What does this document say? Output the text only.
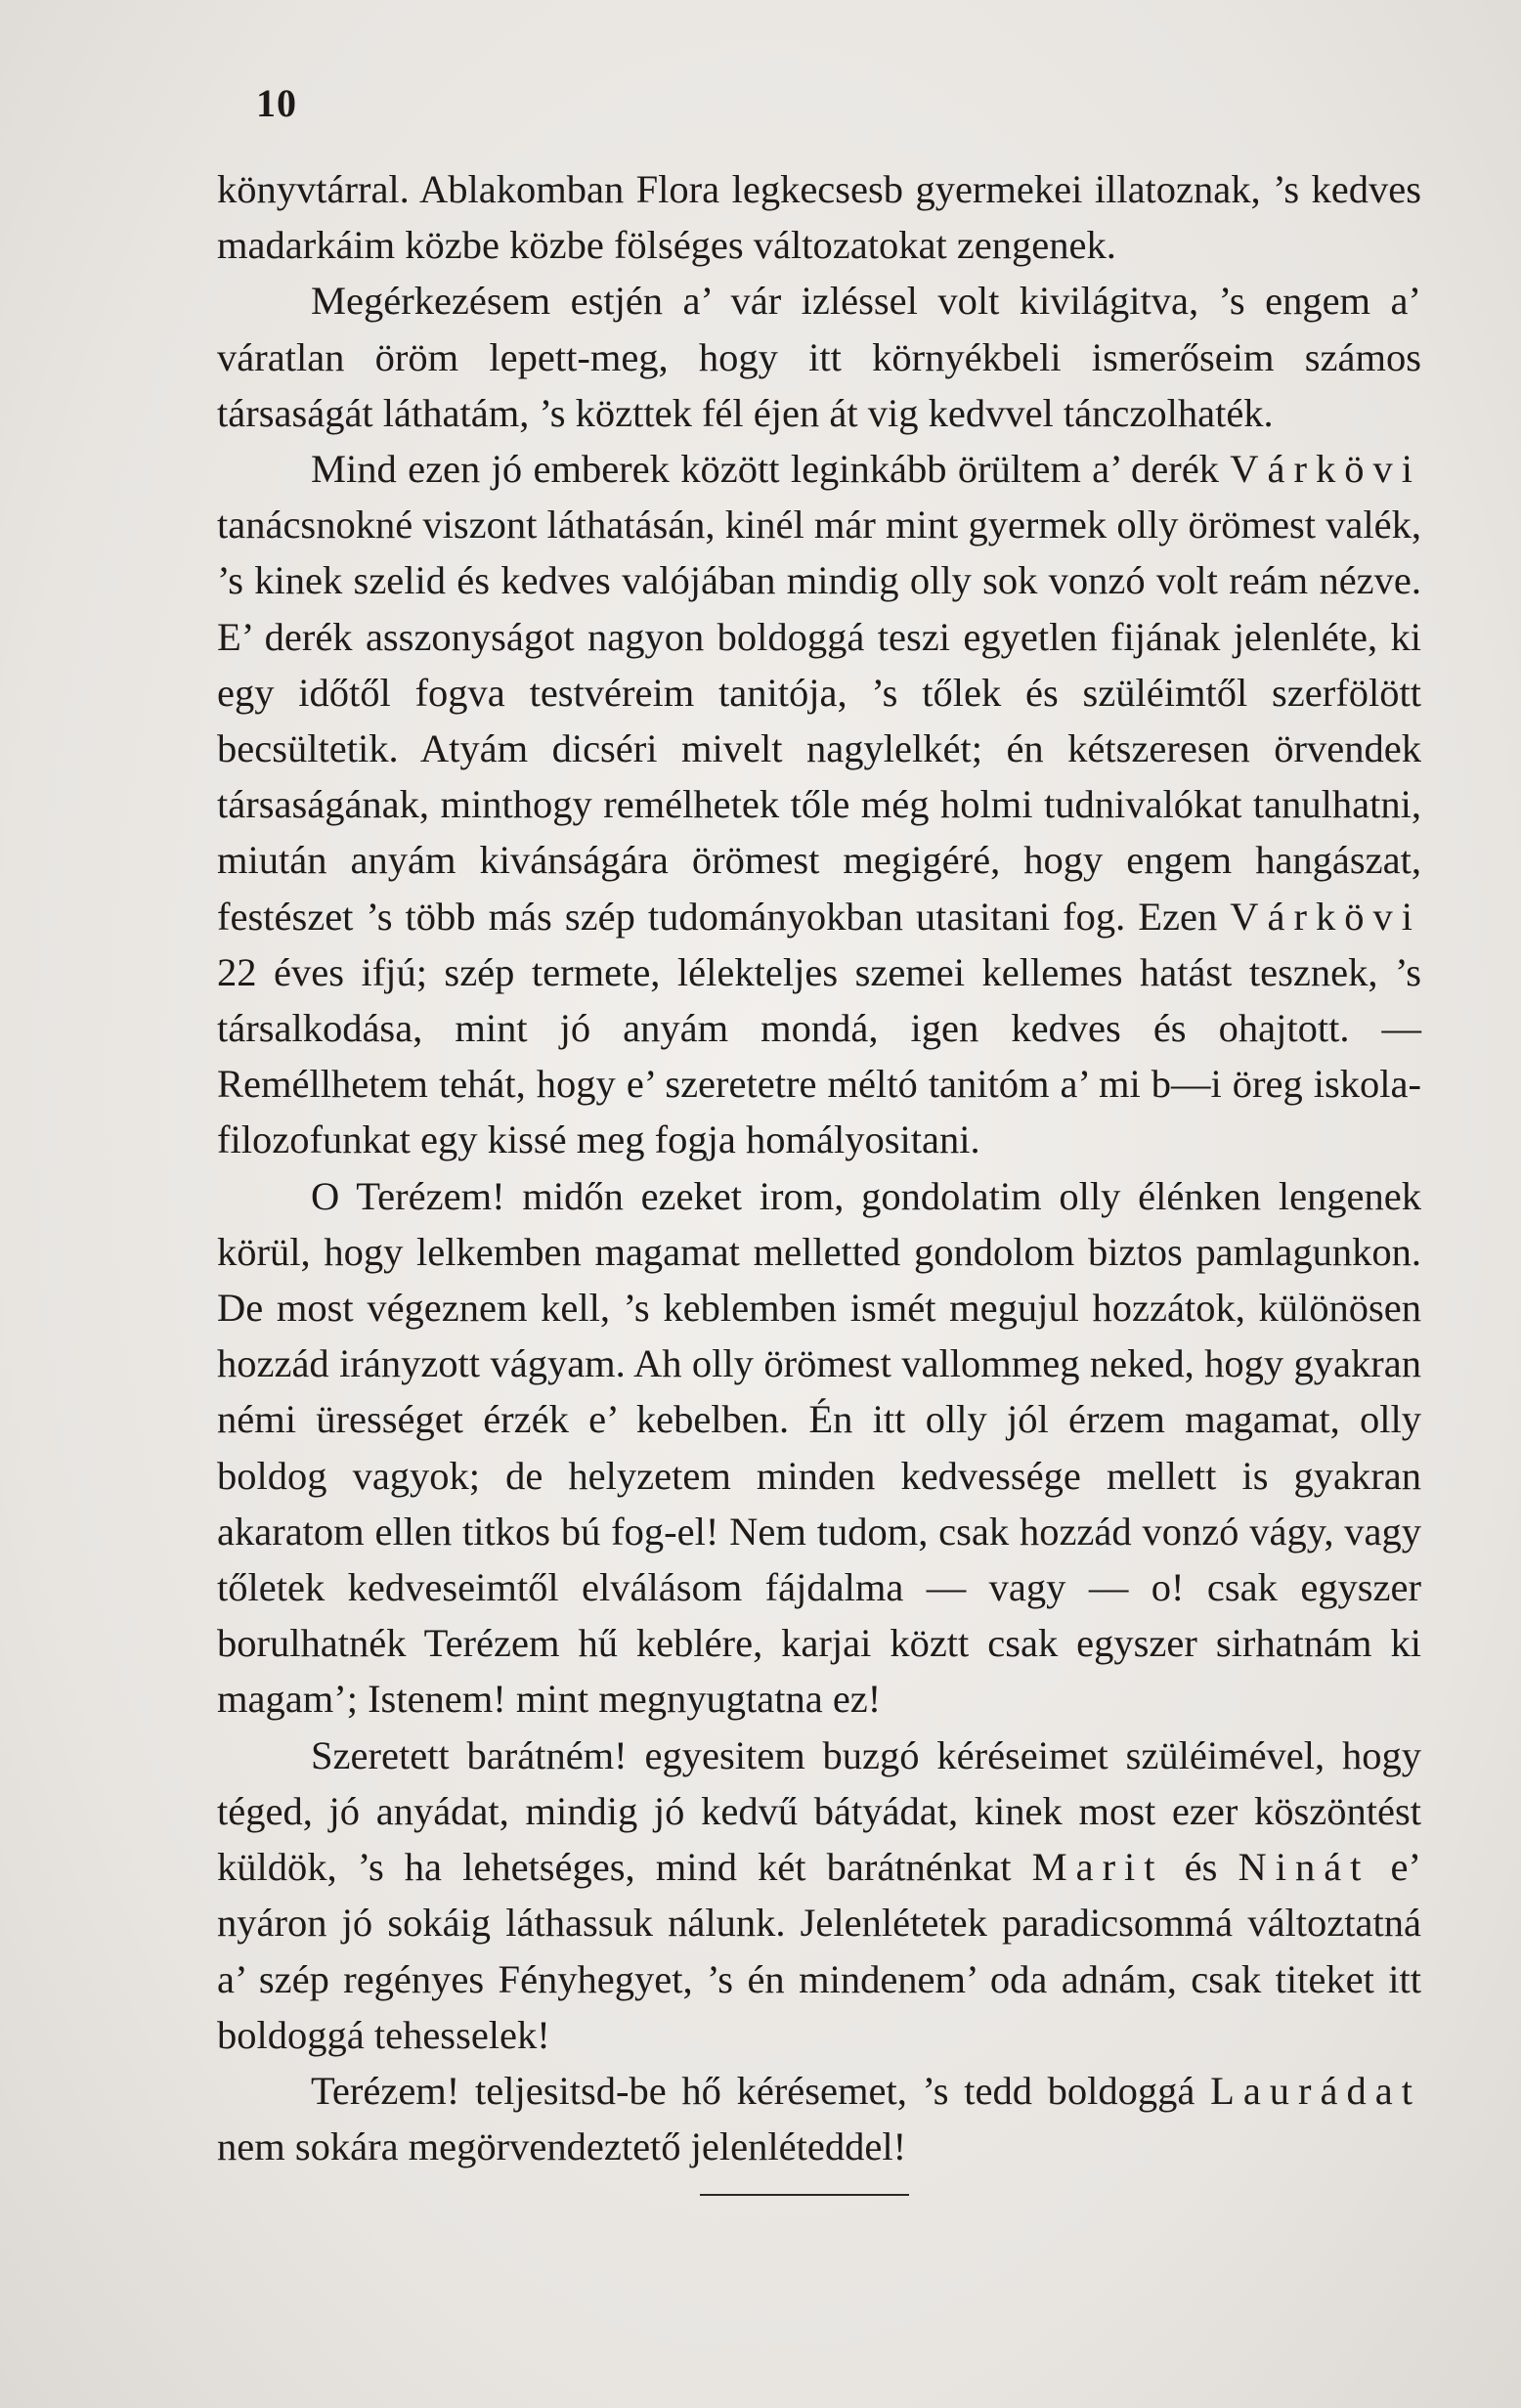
10

könyvtárral. Ablakomban Flora legkecsesb gyermekei illatoznak, ’s kedves madarkáim közbe közbe fölséges változatokat zengenek.

Megérkezésem estjén a’ vár izléssel volt kivilágitva, ’s engem a’ váratlan öröm lepett-meg, hogy itt környékbeli ismerőseim számos társaságát láthatám, ’s közttek fél éjen át vig kedvvel tánczolhaték.

Mind ezen jó emberek között leginkább örültem a’ derék Várkövi tanácsnokné viszont láthatásán, kinél már mint gyermek olly örömest valék, ’s kinek szelid és kedves valójában mindig olly sok vonzó volt reám nézve. E’ derék asszonyságot nagyon boldoggá teszi egyetlen fijának jelenléte, ki egy időtől fogva testvéreim tanitója, ’s tőlek és szüléimtől szerfölött becsültetik. Atyám dicséri mivelt nagylelkét; én kétszeresen örvendek társaságának, minthogy remélhetek tőle még holmi tudnivalókat tanulhatni, miután anyám kivánságára örömest megigéré, hogy engem hangászat, festészet ’s több más szép tudományokban utasitani fog. Ezen Várkövi 22 éves ifjú; szép termete, lélekteljes szemei kellemes hatást tesznek, ’s társalkodása, mint jó anyám mondá, igen kedves és ohajtott. — Reméllhetem tehát, hogy e’ szeretetre méltó tanitóm a’ mi b—i öreg iskola-filozofunkat egy kissé meg fogja homályositani.

O Terézem! midőn ezeket irom, gondolatim olly élénken lengenek körül, hogy lelkemben magamat melletted gondolom biztos pamlagunkon. De most végeznem kell, ’s keblemben ismét megujul hozzátok, különösen hozzád irányzott vágyam. Ah olly örömest vallommeg neked, hogy gyakran némi ürességet érzék e’ kebelben. Én itt olly jól érzem magamat, olly boldog vagyok; de helyzetem minden kedvessége mellett is gyakran akaratom ellen titkos bú fog-el! Nem tudom, csak hozzád vonzó vágy, vagy tőletek kedveseimtől elválásom fájdalma — vagy — o! csak egyszer borulhatnék Terézem hű keblére, karjai köztt csak egyszer sirhatnám ki magam’; Istenem! mint megnyugtatna ez!

Szeretett barátném! egyesitem buzgó kéréseimet szüléimével, hogy téged, jó anyádat, mindig jó kedvű bátyádat, kinek most ezer köszöntést küldök, ’s ha lehetséges, mind két barátnénkat Marit és Ninát e’ nyáron jó sokáig láthassuk nálunk. Jelenlétetek paradicsommá változtatná a’ szép regényes Fényhegyet, ’s én mindenem’ oda adnám, csak titeket itt boldoggá tehesselek!

Terézem! teljesitsd-be hő kérésemet, ’s tedd boldoggá Laurádat nem sokára megörvendeztető jelenléteddel!
